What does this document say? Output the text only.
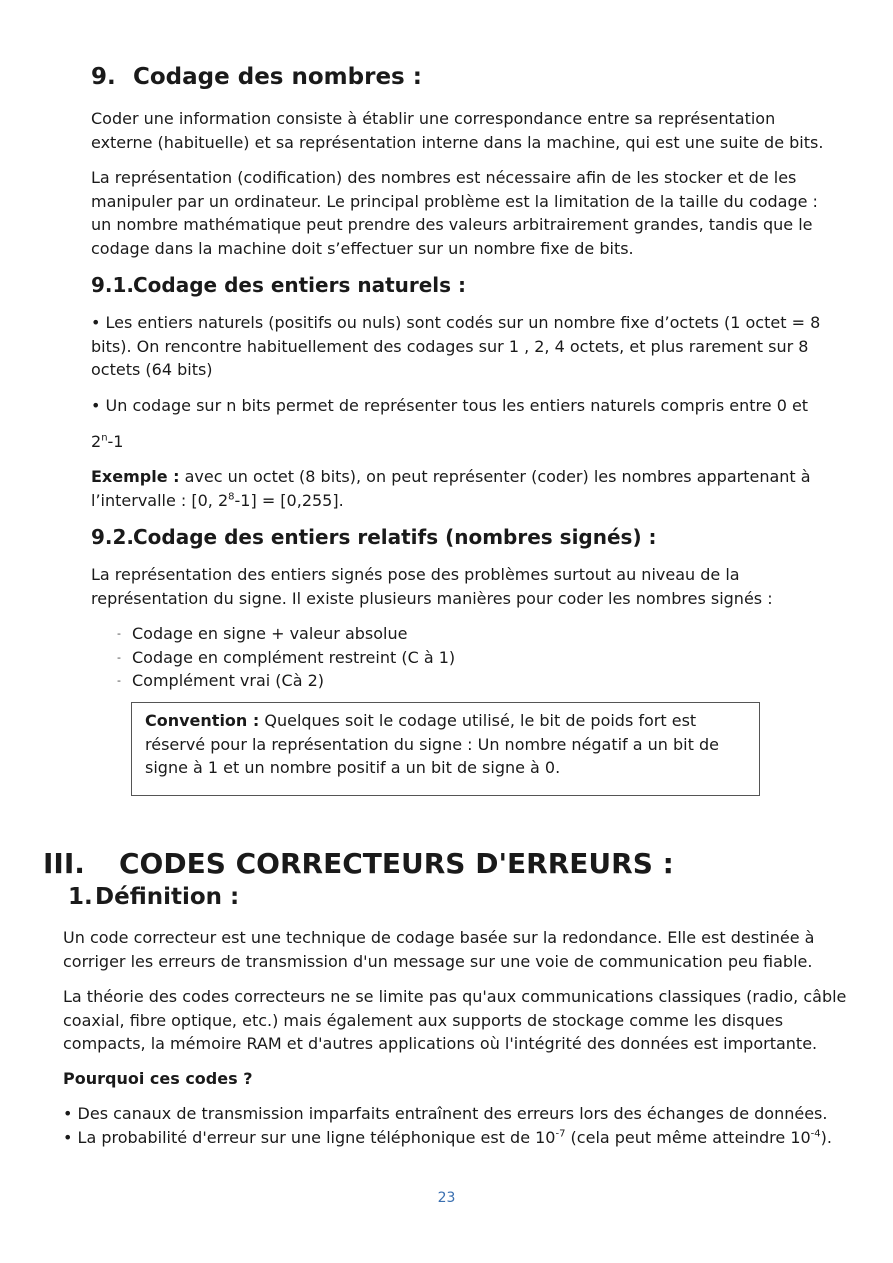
9. Codage des nombres :
Coder une information consiste à établir une correspondance entre sa représentation externe (habituelle) et sa représentation interne dans la machine, qui est une suite de bits.
La représentation (codification) des nombres est nécessaire afin de les stocker et de les manipuler par un ordinateur. Le principal problème est la limitation de la taille du codage : un nombre mathématique peut prendre des valeurs arbitrairement grandes, tandis que le codage dans la machine doit s’effectuer sur un nombre fixe de bits.
9.1.Codage des entiers naturels :
• Les entiers naturels (positifs ou nuls) sont codés sur un nombre fixe d’octets (1 octet = 8 bits). On rencontre habituellement des codages sur 1 , 2, 4 octets, et plus rarement sur 8 octets (64 bits)
• Un codage sur n bits permet de représenter tous les entiers naturels compris entre 0 et
2$^n$-1
Exemple : avec un octet (8 bits), on peut représenter (coder) les nombres appartenant à l’intervalle : [0, $2^8-1] = [0,255]$.
9.2.Codage des entiers relatifs (nombres signés) :
La représentation des entiers signés pose des problèmes surtout au niveau de la représentation du signe. Il existe plusieurs manières pour coder les nombres signés :
- Codage en signe + valeur absolue
- Codage en complément restreint (C à 1)
- Complément vrai (Cà 2)
Convention : Quelques soit le codage utilisé, le bit de poids fort est réservé pour la représentation du signe : Un nombre négatif a un bit de signe à 1 et un nombre positif a un bit de signe à 0.
III. CODES CORRECTEURS D'ERREURS :
1.Définition :
Un code correcteur est une technique de codage basée sur la redondance. Elle est destinée à corriger les erreurs de transmission d'un message sur une voie de communication peu fiable.
La théorie des codes correcteurs ne se limite pas qu'aux communications classiques (radio, câble coaxial, fibre optique, etc.) mais également aux supports de stockage comme les disques compacts, la mémoire RAM et d'autres applications où l'intégrité des données est importante.
Pourquoi ces codes ?
• Des canaux de transmission imparfaits entraînent des erreurs lors des échanges de données.
• La probabilité d'erreur sur une ligne téléphonique est de $10^{-7}$ (cela peut même atteindre $10^{-4}$).
23
